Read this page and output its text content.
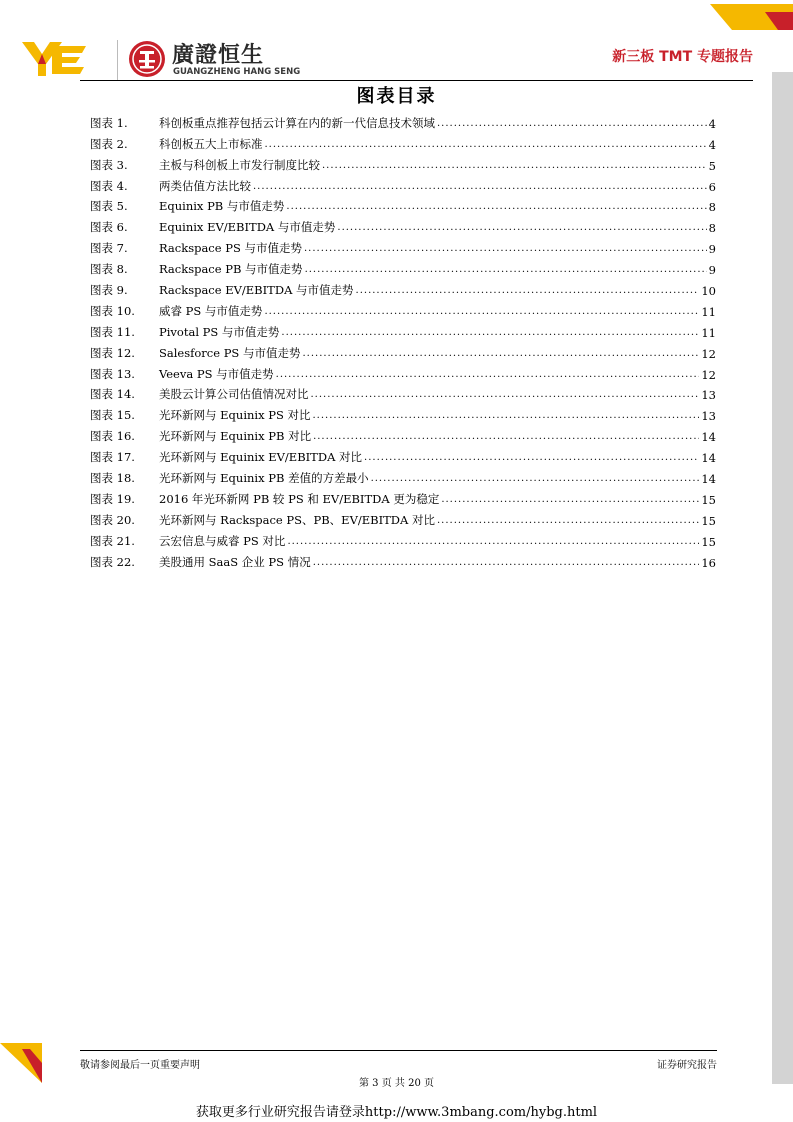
廣證恒生
GUANGZHENG HANG SENG
新三板 TMT 专题报告
图表目录
图表 1.	科创板重点推荐包括云计算在内的新一代信息技术领域 .....	4
图表 2.	科创板五大上市标准 .....	4
图表 3.	主板与科创板上市发行制度比较 .....	5
图表 4.	两类估值方法比较 .....	6
图表 5.	Equinix PB 与市值走势 .....	8
图表 6.	Equinix EV/EBITDA 与市值走势 .....	8
图表 7.	Rackspace PS 与市值走势 .....	9
图表 8.	Rackspace PB 与市值走势 .....	9
图表 9.	Rackspace EV/EBITDA 与市值走势 .....	10
图表 10.	威睿 PS 与市值走势 .....	11
图表 11.	Pivotal PS 与市值走势 .....	11
图表 12.	Salesforce PS 与市值走势 .....	12
图表 13.	Veeva PS 与市值走势 .....	12
图表 14.	美股云计算公司估值情况对比 .....	13
图表 15.	光环新网与 Equinix PS 对比 .....	13
图表 16.	光环新网与 Equinix PB 对比 .....	14
图表 17.	光环新网与 Equinix EV/EBITDA 对比 .....	14
图表 18.	光环新网与 Equinix PB 差值的方差最小 .....	14
图表 19.	2016 年光环新网 PB 较 PS 和 EV/EBITDA 更为稳定 .....	15
图表 20.	光环新网与 Rackspace PS、PB、EV/EBITDA 对比 .....	15
图表 21.	云宏信息与威睿 PS 对比 .....	15
图表 22.	美股通用 SaaS 企业 PS 情况 .....	16
敬请参阅最后一页重要声明	证券研究报告
第 3 页 共 20 页
获取更多行业研究报告请登录http://www.3mbang.com/hybg.html
